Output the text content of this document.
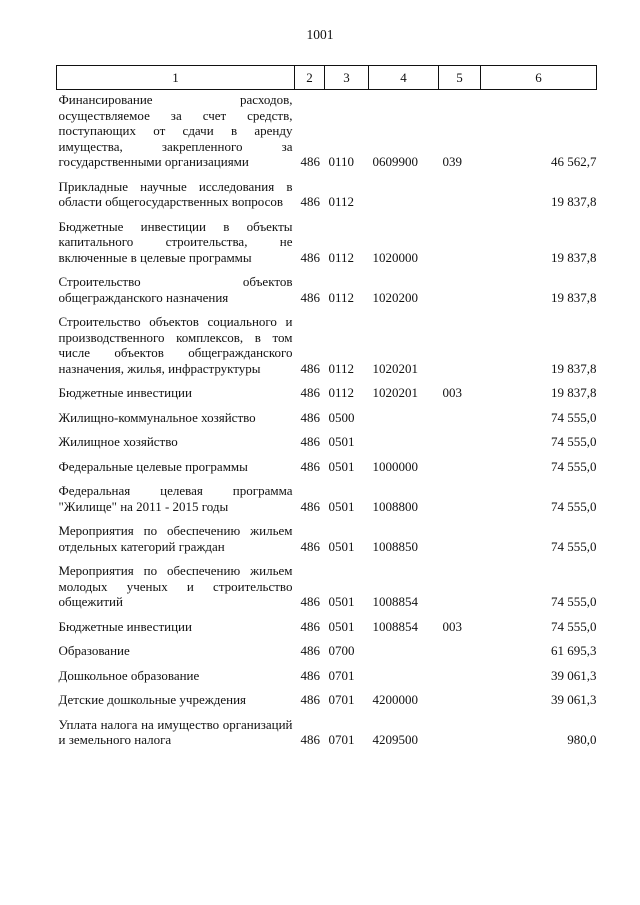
1001
1	2	3	4	5	6
Финансирование расходов, осуществляемое за счет средств, поступающих от сдачи в аренду имущества, закрепленного за государственными организациями	486	0110	0609900	039	46 562,7
Прикладные научные исследования в области общегосударственных вопросов	486	0112			19 837,8
Бюджетные инвестиции в объекты капитального строительства, не включенные в целевые программы	486	0112	1020000		19 837,8
Строительство объектов общегражданского назначения	486	0112	1020200		19 837,8
Строительство объектов социального и производственного комплексов, в том числе объектов общегражданского назначения, жилья, инфраструктуры	486	0112	1020201		19 837,8
Бюджетные инвестиции	486	0112	1020201	003	19 837,8
Жилищно-коммунальное хозяйство	486	0500			74 555,0
Жилищное хозяйство	486	0501			74 555,0
Федеральные целевые программы	486	0501	1000000		74 555,0
Федеральная целевая программа "Жилище" на 2011 - 2015 годы	486	0501	1008800		74 555,0
Мероприятия по обеспечению жильем отдельных категорий граждан	486	0501	1008850		74 555,0
Мероприятия по обеспечению жильем молодых ученых и строительство общежитий	486	0501	1008854		74 555,0
Бюджетные инвестиции	486	0501	1008854	003	74 555,0
Образование	486	0700			61 695,3
Дошкольное образование	486	0701			39 061,3
Детские дошкольные учреждения	486	0701	4200000		39 061,3
Уплата налога на имущество организаций и земельного налога	486	0701	4209500		980,0
